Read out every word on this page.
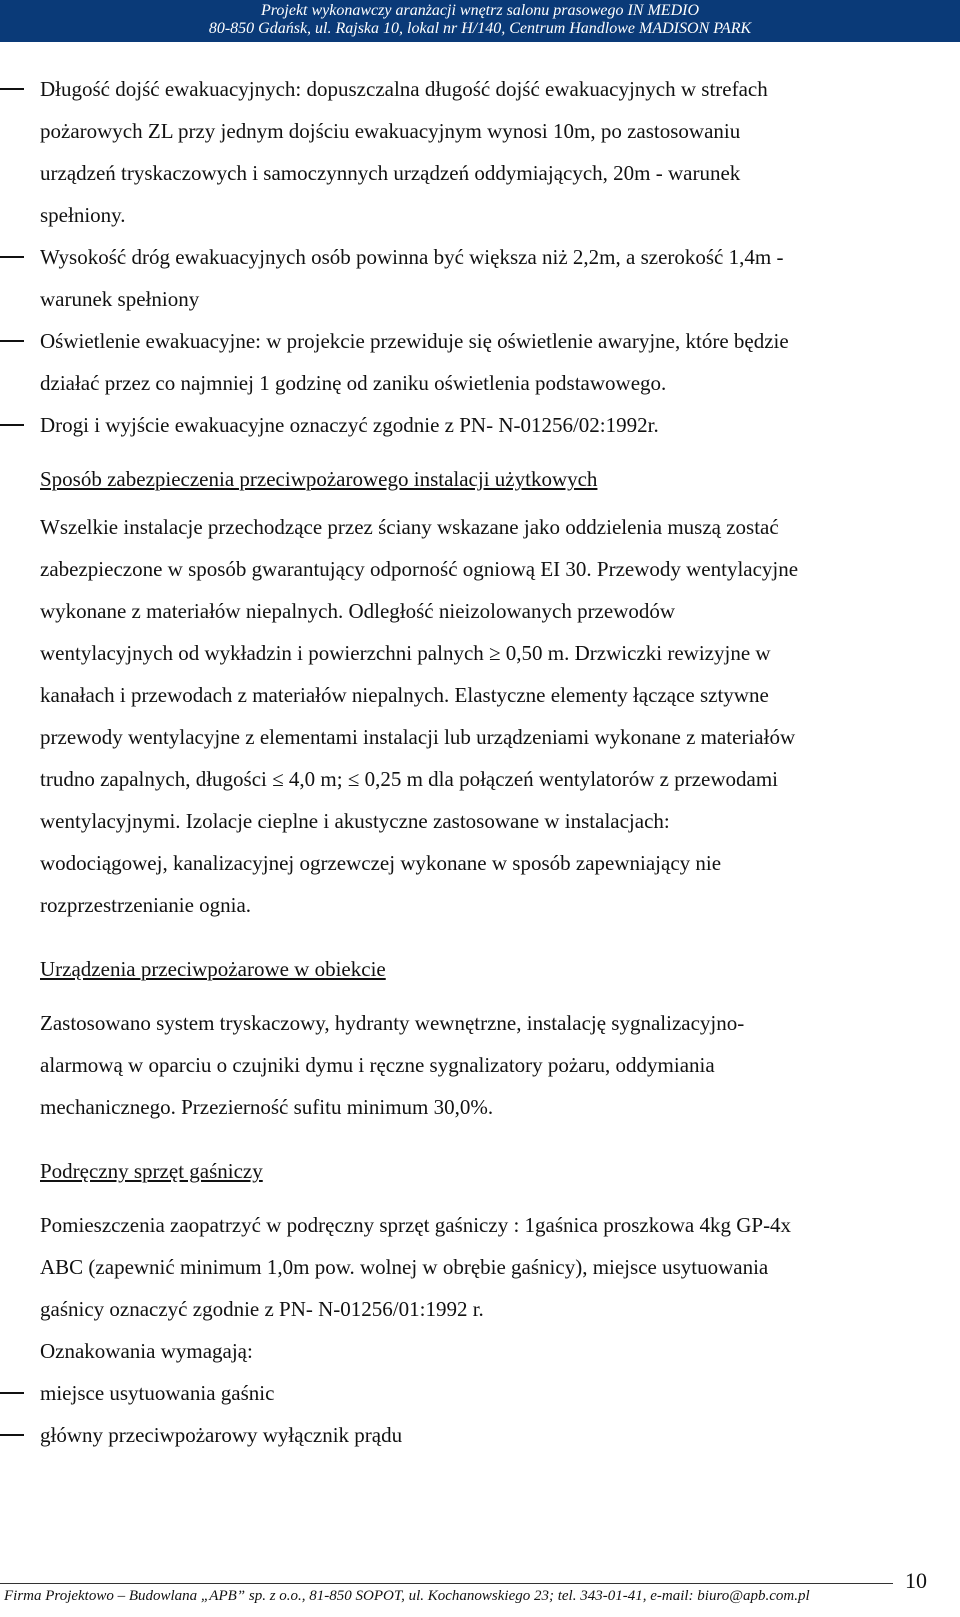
Projekt wykonawczy aranżacji wnętrz salonu prasowego IN MEDIO
80-850 Gdańsk, ul. Rajska 10, lokal nr H/140, Centrum Handlowe MADISON PARK

Długość dojść ewakuacyjnych: dopuszczalna długość dojść ewakuacyjnych w strefach

pożarowych ZL przy jednym dojściu ewakuacyjnym wynosi 10m, po zastosowaniu

urządzeń tryskaczowych i samoczynnych urządzeń oddymiających, 20m - warunek

spełniony.

Wysokość dróg ewakuacyjnych osób powinna być większa niż 2,2m, a szerokość 1,4m -

warunek spełniony

Oświetlenie ewakuacyjne: w projekcie przewiduje się oświetlenie awaryjne, które będzie

działać przez co najmniej 1 godzinę od zaniku oświetlenia podstawowego.

Drogi i wyjście ewakuacyjne oznaczyć zgodnie z PN- N-01256/02:1992r.

Sposób zabezpieczenia przeciwpożarowego instalacji użytkowych

Wszelkie instalacje przechodzące przez ściany wskazane jako oddzielenia muszą zostać

zabezpieczone w sposób gwarantujący odporność ogniową EI 30. Przewody wentylacyjne

wykonane z materiałów niepalnych. Odległość nieizolowanych przewodów

wentylacyjnych od wykładzin i powierzchni palnych ≥ 0,50 m. Drzwiczki rewizyjne w

kanałach i przewodach z materiałów niepalnych. Elastyczne elementy łączące sztywne

przewody wentylacyjne z elementami instalacji lub urządzeniami wykonane z materiałów

trudno zapalnych, długości ≤ 4,0 m; ≤ 0,25 m dla połączeń wentylatorów z przewodami

wentylacyjnymi. Izolacje cieplne i akustyczne zastosowane w instalacjach:

wodociągowej, kanalizacyjnej ogrzewczej wykonane w sposób zapewniający nie

rozprzestrzenianie ognia.

Urządzenia przeciwpożarowe w obiekcie

Zastosowano system tryskaczowy, hydranty wewnętrzne, instalację sygnalizacyjno-

alarmową w oparciu o czujniki dymu i ręczne sygnalizatory pożaru, oddymiania

mechanicznego. Przezierność sufitu minimum 30,0%.

Podręczny sprzęt gaśniczy

Pomieszczenia zaopatrzyć w podręczny sprzęt gaśniczy : 1gaśnica proszkowa 4kg GP-4x

ABC (zapewnić minimum 1,0m pow. wolnej w obrębie gaśnicy), miejsce usytuowania

gaśnicy oznaczyć zgodnie z PN- N-01256/01:1992 r.

Oznakowania wymagają:

miejsce usytuowania gaśnic

główny przeciwpożarowy wyłącznik prądu

10
Firma Projektowo – Budowlana „APB” sp. z o.o., 81-850 SOPOT, ul. Kochanowskiego 23; tel. 343-01-41, e-mail: biuro@apb.com.pl
